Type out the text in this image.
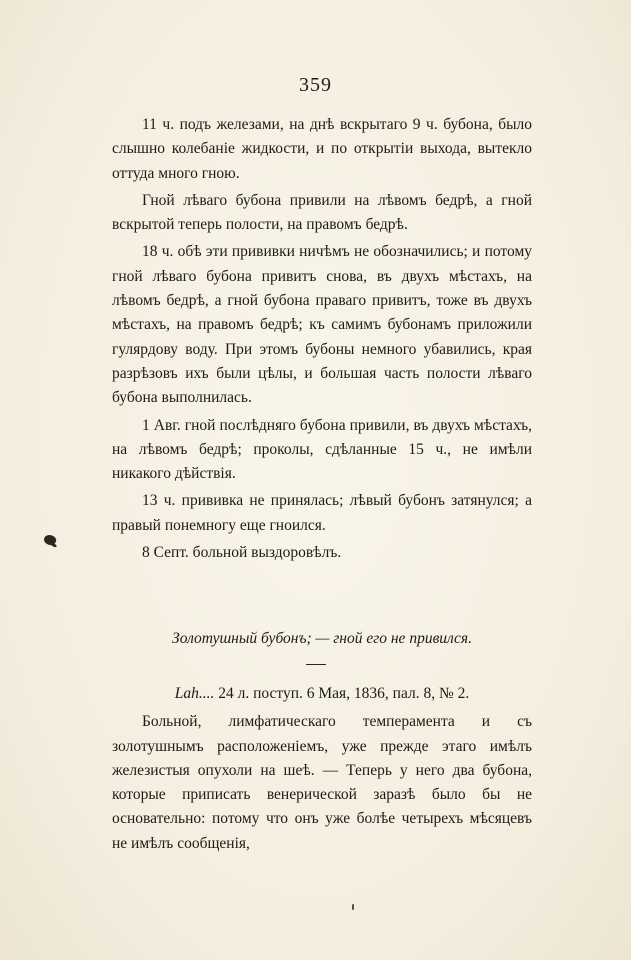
359

11 ч. подъ железами, на днѣ вскрытаго 9 ч. бубона, было слышно колебаніе жидкости, и по открытіи выхода, вытекло оттуда много гною.

Гной лѣваго бубона привили на лѣвомъ бедрѣ, а гной вскрытой теперь полости, на правомъ бедрѣ.

18 ч. обѣ эти прививки ничѣмъ не обозначились; и потому гной лѣваго бубона привитъ снова, въ двухъ мѣстахъ, на лѣвомъ бедрѣ, а гной бубона праваго привитъ, тоже въ двухъ мѣстахъ, на правомъ бедрѣ; къ самимъ бубонамъ приложили гулярдову воду. При этомъ бубоны немного убавились, края разрѣзовъ ихъ были цѣлы, и большая часть полости лѣваго бубона выполнилась.

1 Авг. гной послѣдняго бубона привили, въ двухъ мѣстахъ, на лѣвомъ бедрѣ; проколы, сдѣланные 15 ч., не имѣли никакого дѣйствія.

13 ч. прививка не принялась; лѣвый бубонъ затянулся; а правый понемногу еще гноился.

8 Септ. больной выздоровѣлъ.

Золотушный бубонъ; — гной его не привился.

Lah.... 24 л. поступ. 6 Мая, 1836, пал. 8, № 2.

Больной, лимфатическаго темперамента и съ золотушнымъ расположеніемъ, уже прежде этаго имѣлъ железистыя опухоли на шеѣ. — Теперь у него два бубона, которые приписать венерической заразѣ было бы не основательно: потому что онъ уже болѣе четырехъ мѣсяцевъ не имѣлъ сообщенія,
